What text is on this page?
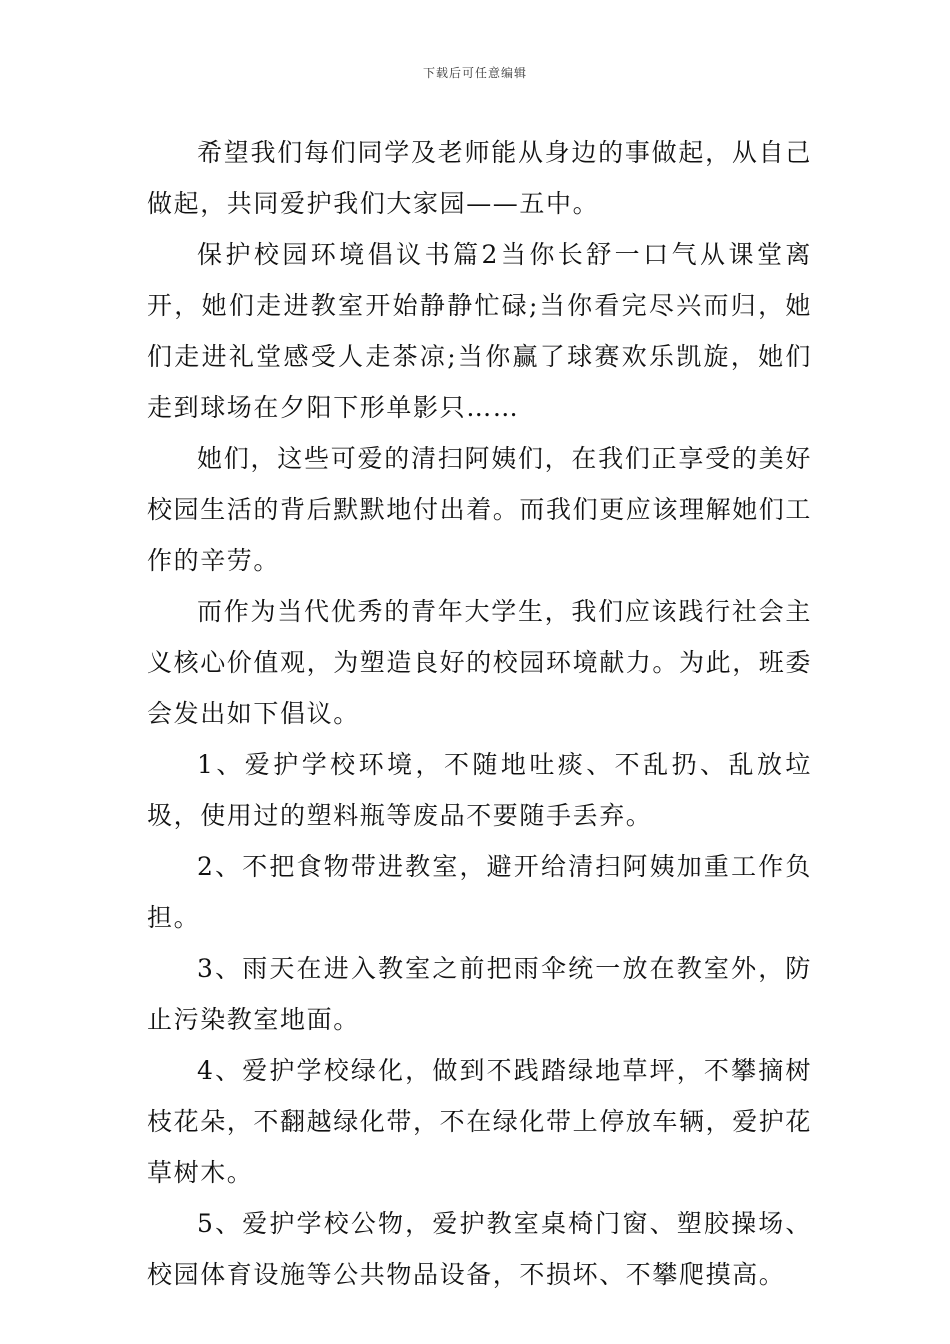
下载后可任意编辑

希望我们每们同学及老师能从身边的事做起，从自己做起，共同爱护我们大家园——五中。

保护校园环境倡议书篇2当你长舒一口气从课堂离开，她们走进教室开始静静忙碌;当你看完尽兴而归，她们走进礼堂感受人走茶凉;当你赢了球赛欢乐凯旋，她们走到球场在夕阳下形单影只……

她们，这些可爱的清扫阿姨们，在我们正享受的美好校园生活的背后默默地付出着。而我们更应该理解她们工作的辛劳。

而作为当代优秀的青年大学生，我们应该践行社会主义核心价值观，为塑造良好的校园环境献力。为此，班委会发出如下倡议。

1、爱护学校环境，不随地吐痰、不乱扔、乱放垃圾，使用过的塑料瓶等废品不要随手丢弃。

2、不把食物带进教室，避开给清扫阿姨加重工作负担。

3、雨天在进入教室之前把雨伞统一放在教室外，防止污染教室地面。

4、爱护学校绿化，做到不践踏绿地草坪，不攀摘树枝花朵，不翻越绿化带，不在绿化带上停放车辆，爱护花草树木。

5、爱护学校公物，爱护教室桌椅门窗、塑胶操场、校园体育设施等公共物品设备，不损坏、不攀爬摸高。
